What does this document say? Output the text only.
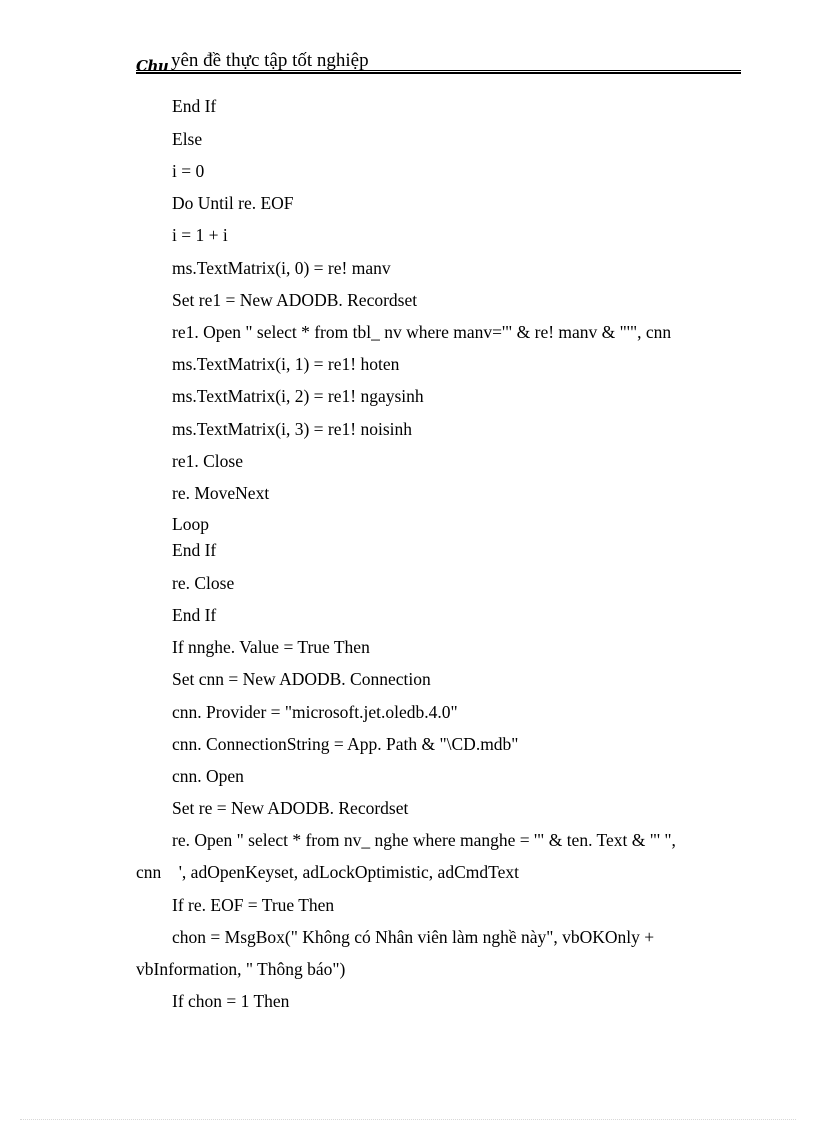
Chu yên đề thực tập tốt nghiệp
End If
Else
i = 0
Do Until re. EOF
i = 1 + i
ms.TextMatrix(i, 0) = re! manv
Set re1 = New ADODB. Recordset
re1. Open " select * from tbl_ nv where manv='" & re! manv & "'", cnn
ms.TextMatrix(i, 1) = re1! hoten
ms.TextMatrix(i, 2) = re1! ngaysinh
ms.TextMatrix(i, 3) = re1! noisinh
re1. Close
re. MoveNext
Loop
End If
re. Close
End If
If nnghe. Value = True Then
Set cnn = New ADODB. Connection
cnn. Provider = "microsoft.jet.oledb.4.0"
cnn. ConnectionString = App. Path & "\CD.mdb"
cnn. Open
Set re = New ADODB. Recordset
re. Open " select * from nv_ nghe where manghe = '" & ten. Text & "' ",
cnn    ', adOpenKeyset, adLockOptimistic, adCmdText
If re. EOF = True Then
chon = MsgBox(" Không có Nhân viên làm nghề này", vbOKOnly +
vbInformation, " Thông báo")
If chon = 1 Then
